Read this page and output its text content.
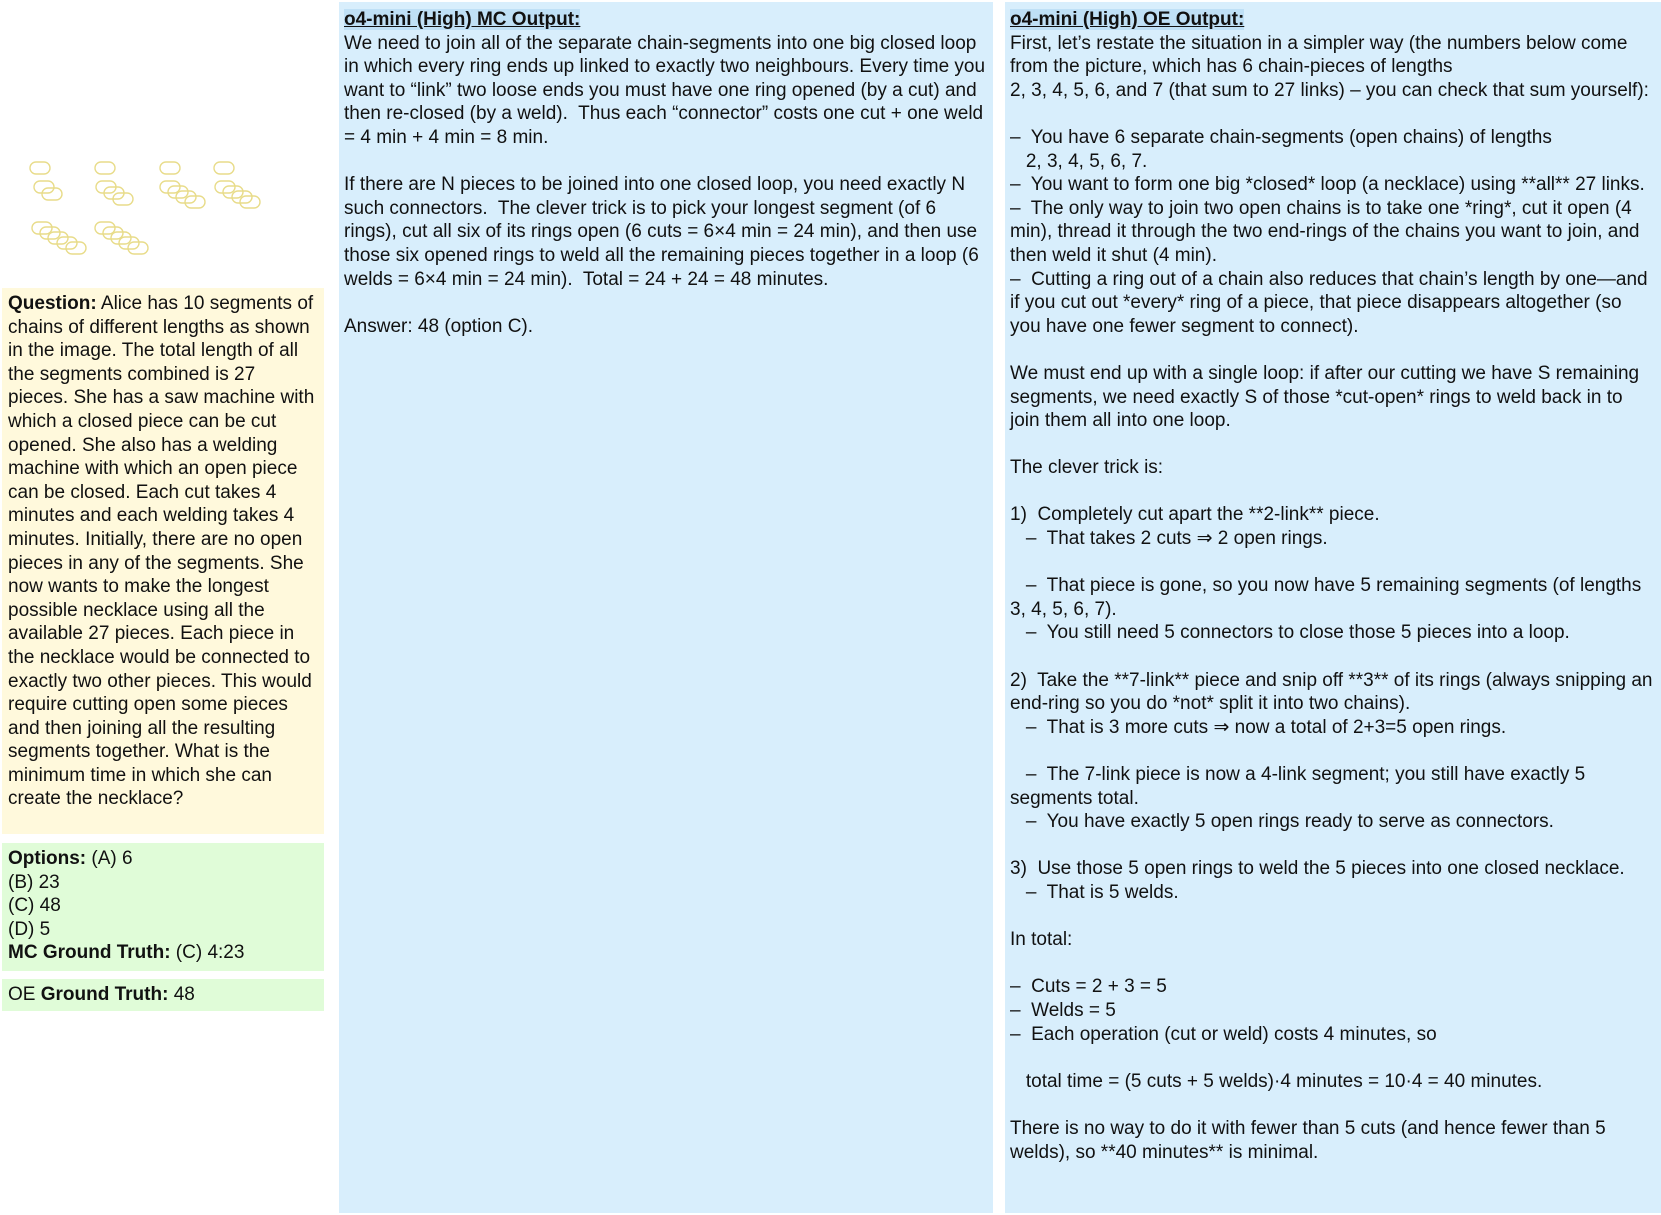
Question: Alice has 10 segments of chains of different lengths as shown in the image. The total length of all the segments combined is 27 pieces. She has a saw machine with which a closed piece can be cut opened. She also has a welding machine with which an open piece can be closed. Each cut takes 4 minutes and each welding takes 4 minutes. Initially, there are no open pieces in any of the segments. She now wants to make the longest possible necklace using all the available 27 pieces. Each piece in the necklace would be connected to exactly two other pieces. This would require cutting open some pieces and then joining all the resulting segments together. What is the minimum time in which she can create the necklace?
Options: (A) 6
(B) 23
(C) 48
(D) 5
MC Ground Truth: (C) 4:23
OE Ground Truth: 48
o4-mini (High) MC Output:
We need to join all of the separate chain-segments into one big closed loop in which every ring ends up linked to exactly two neighbours. Every time you want to “link” two loose ends you must have one ring opened (by a cut) and then re-closed (by a weld).  Thus each “connector” costs one cut + one weld = 4 min + 4 min = 8 min.

If there are N pieces to be joined into one closed loop, you need exactly N such connectors.  The clever trick is to pick your longest segment (of 6 rings), cut all six of its rings open (6 cuts = 6×4 min = 24 min), and then use those six opened rings to weld all the remaining pieces together in a loop (6 welds = 6×4 min = 24 min).  Total = 24 + 24 = 48 minutes.

Answer: 48 (option C).
o4-mini (High) OE Output:
First, let’s restate the situation in a simpler way (the numbers below come from the picture, which has 6 chain-pieces of lengths
2, 3, 4, 5, 6, and 7 (that sum to 27 links) – you can check that sum yourself):

–  You have 6 separate chain-segments (open chains) of lengths
2, 3, 4, 5, 6, 7.
–  You want to form one big *closed* loop (a necklace) using **all** 27 links.
–  The only way to join two open chains is to take one *ring*, cut it open (4 min), thread it through the two end-rings of the chains you want to join, and then weld it shut (4 min).
–  Cutting a ring out of a chain also reduces that chain’s length by one—and if you cut out *every* ring of a piece, that piece disappears altogether (so you have one fewer segment to connect).

We must end up with a single loop: if after our cutting we have S remaining segments, we need exactly S of those *cut-open* rings to weld back in to join them all into one loop.

The clever trick is:

1)  Completely cut apart the **2-link** piece.
–  That takes 2 cuts ⇒ 2 open rings.

–  That piece is gone, so you now have 5 remaining segments (of lengths 3, 4, 5, 6, 7).
–  You still need 5 connectors to close those 5 pieces into a loop.

2)  Take the **7-link** piece and snip off **3** of its rings (always snipping an end-ring so you do *not* split it into two chains).
–  That is 3 more cuts ⇒ now a total of 2+3=5 open rings.

–  The 7-link piece is now a 4-link segment; you still have exactly 5 segments total.
–  You have exactly 5 open rings ready to serve as connectors.

3)  Use those 5 open rings to weld the 5 pieces into one closed necklace.
–  That is 5 welds.

In total:

–  Cuts = 2 + 3 = 5
–  Welds = 5
–  Each operation (cut or weld) costs 4 minutes, so

total time = (5 cuts + 5 welds)·4 minutes = 10·4 = 40 minutes.

There is no way to do it with fewer than 5 cuts (and hence fewer than 5 welds), so **40 minutes** is minimal.
